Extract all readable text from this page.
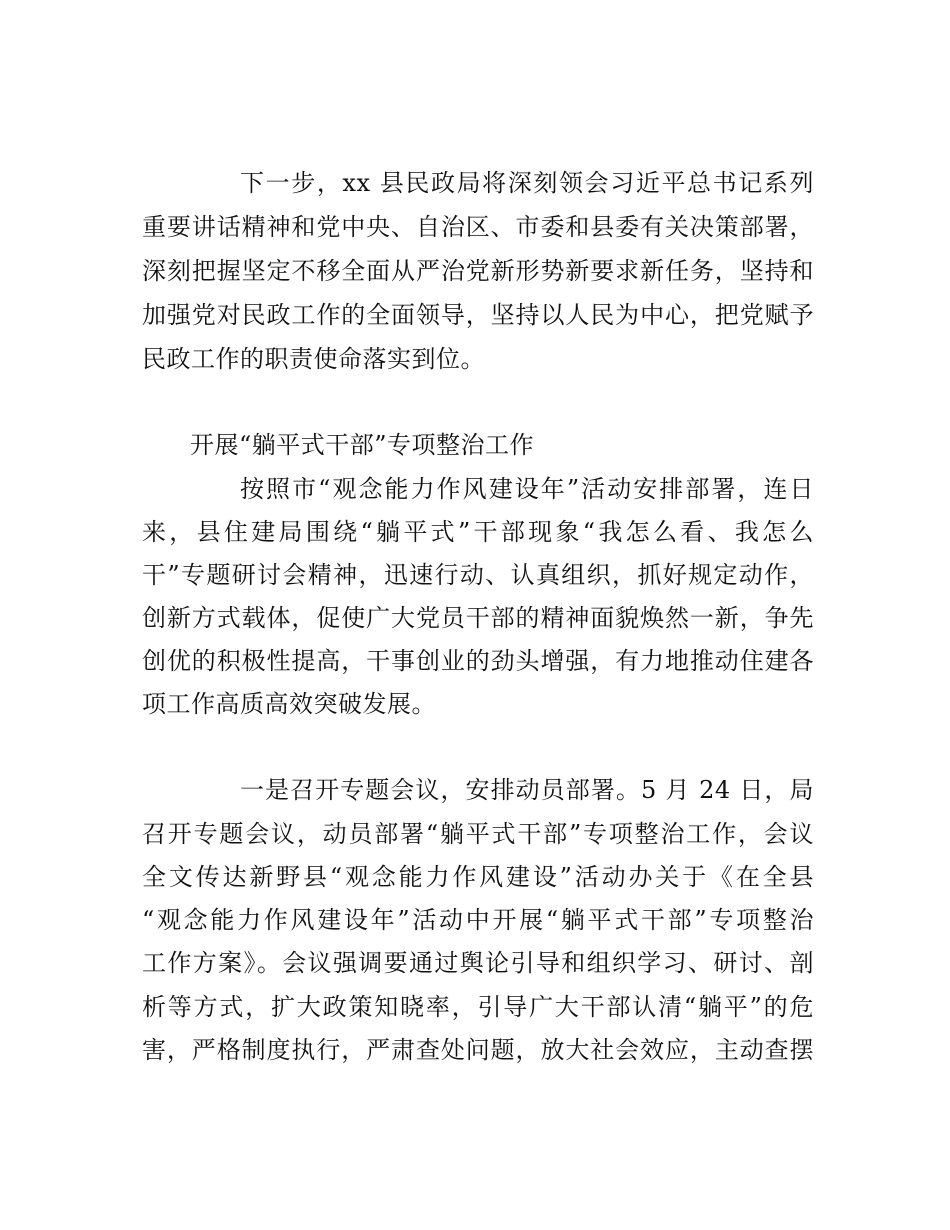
下一步，xx 县民政局将深刻领会习近平总书记系列
重要讲话精神和党中央、自治区、市委和县委有关决策部署，
深刻把握坚定不移全面从严治党新形势新要求新任务，坚持和
加强党对民政工作的全面领导，坚持以人民为中心，把党赋予
民政工作的职责使命落实到位。
开展“躺平式干部”专项整治工作
按照市“观念能力作风建设年”活动安排部署，连日
来，县住建局围绕“躺平式”干部现象“我怎么看、我怎么
干”专题研讨会精神，迅速行动、认真组织，抓好规定动作，
创新方式载体，促使广大党员干部的精神面貌焕然一新，争先
创优的积极性提高，干事创业的劲头增强，有力地推动住建各
项工作高质高效突破发展。
一是召开专题会议，安排动员部署。5 月 24 日，局
召开专题会议，动员部署“躺平式干部”专项整治工作，会议
全文传达新野县“观念能力作风建设”活动办关于《在全县
“观念能力作风建设年”活动中开展“躺平式干部”专项整治
工作方案》。会议强调要通过舆论引导和组织学习、研讨、剖
析等方式，扩大政策知晓率，引导广大干部认清“躺平”的危
害，严格制度执行，严肃查处问题，放大社会效应，主动查摆
